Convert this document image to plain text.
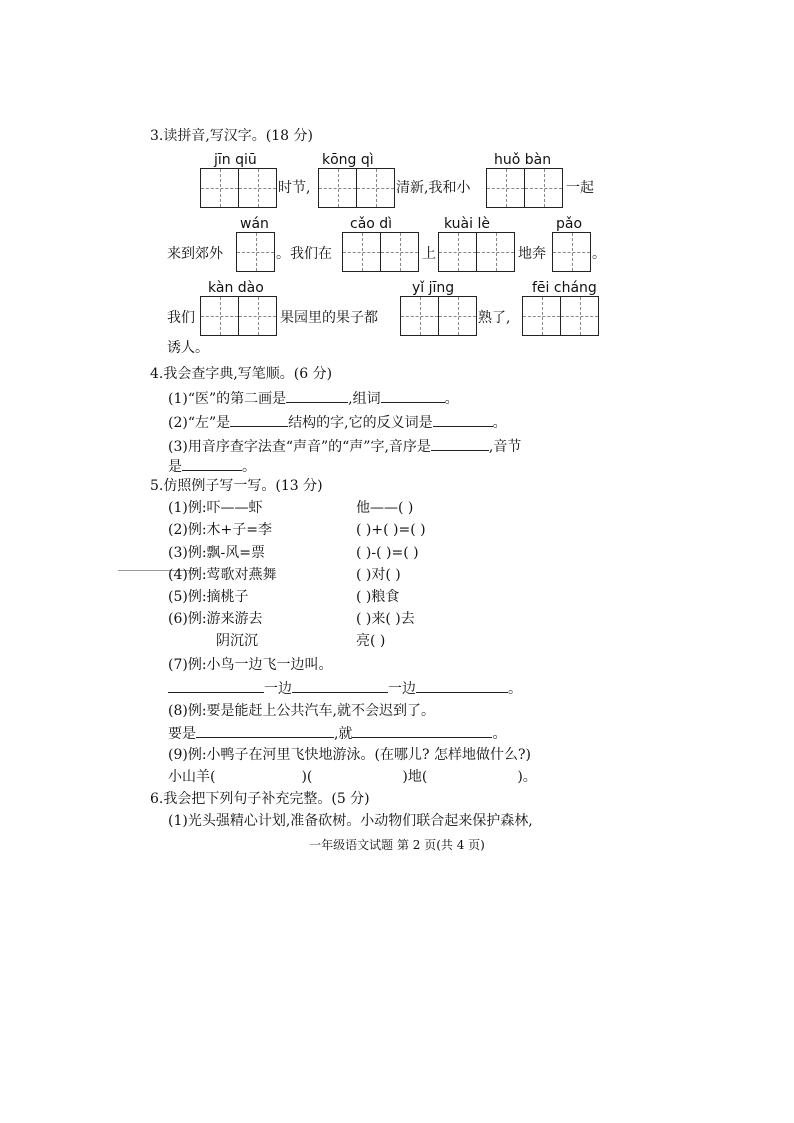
3.读拼音,写汉字。(18 分)
jīn qiū
时节,
kōng qì
清新,我和小
huǒ bàn
一起
来到郊外
wán
。我们在
cǎo dì
上
kuài lè
地奔
pǎo
。
我们
kàn dào
果园里的果子都
yǐ jīng
熟了,
fēi cháng
诱人。
4.我会查字典,写笔顺。(6 分)
(1)“医”的第二画是	,组词	。
(2)“左”是	结构的字,它的反义词是	。
(3)用音序查字法查“声音”的“声”字,音序是	,音节
是	。
5.仿照例子写一写。(13 分)
(1)例:吓——虾	他——( )
(2)例:木+子=李	( )+( )=( )
(3)例:飘-风=票	( )-( )=( )
(4)例:莺歌对燕舞	( )对( )
(5)例:摘桃子	( )粮食
(6)例:游来游去	( )来( )去
阴沉沉	亮( )
(7)例:小鸟一边飞一边叫。
一边	一边	。
(8)例:要是能赶上公共汽车,就不会迟到了。
要是	,就	。
(9)例:小鸭子在河里飞快地游泳。(在哪儿? 怎样地做什么?)
小山羊(	)(	)地(	)。
6.我会把下列句子补充完整。(5 分)
(1)光头强精心计划,准备砍树。小动物们联合起来保护森林,
一年级语文试题 第 2 页(共 4 页)
